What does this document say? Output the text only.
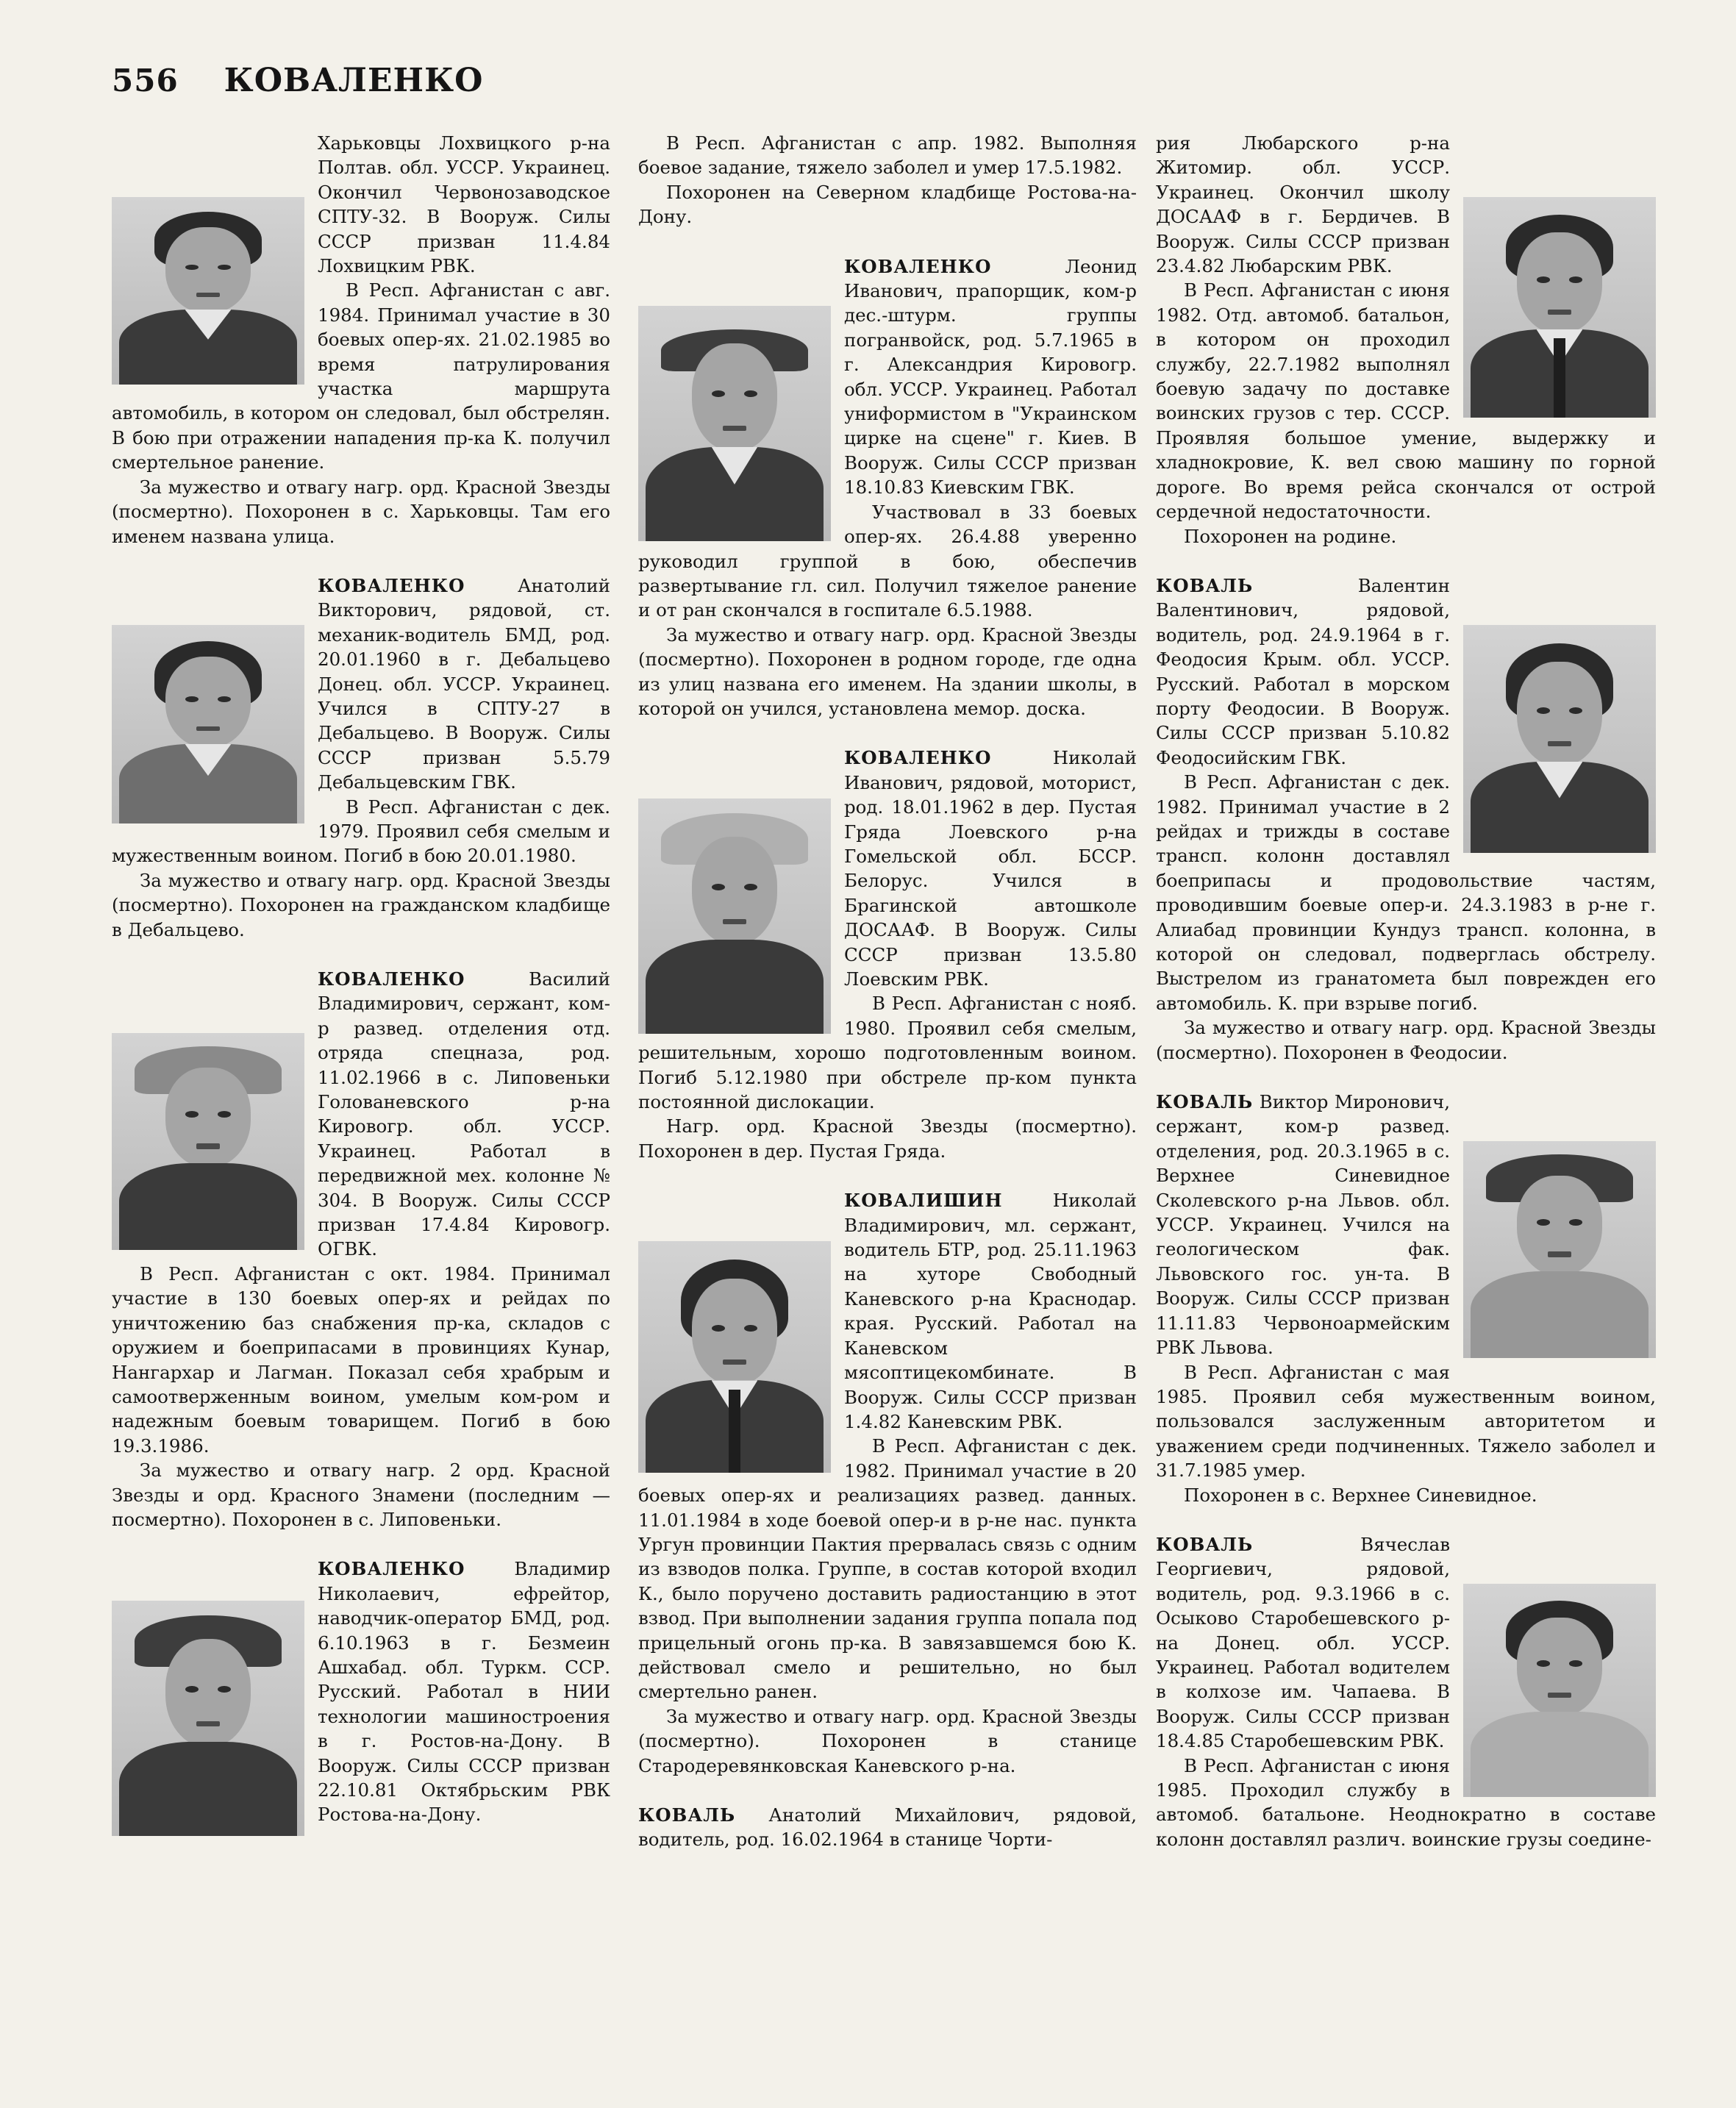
556 КОВАЛЕНКО

Харьковцы Лохвицкого р-на Полтав. обл. УССР. Украинец. Окончил Червонозаводское СПТУ-32. В Вооруж. Силы СССР призван 11.4.84 Лохвицким РВК.

В Респ. Афганистан с авг. 1984. Принимал участие в 30 боевых опер-ях. 21.02.1985 во время патрулирования участка маршрута автомобиль, в котором он следовал, был обстрелян. В бою при отражении нападения пр-ка К. получил смертельное ранение.

За мужество и отвагу нагр. орд. Красной Звезды (посмертно). Похоронен в с. Харьковцы. Там его именем названа улица.

КОВАЛЕНКО Анатолий Викторович, рядовой, ст. механик-водитель БМД, род. 20.01.1960 в г. Дебальцево Донец. обл. УССР. Украинец. Учился в СПТУ-27 в Дебальцево. В Вооруж. Силы СССР призван 5.5.79 Дебальцевским ГВК.

В Респ. Афганистан с дек. 1979. Проявил себя смелым и мужественным воином. Погиб в бою 20.01.1980.

За мужество и отвагу нагр. орд. Красной Звезды (посмертно). Похоронен на гражданском кладбище в Дебальцево.

КОВАЛЕНКО Василий Владимирович, сержант, ком-р развед. отделения отд. отряда спецназа, род. 11.02.1966 в с. Липовеньки Голованевского р-на Кировогр. обл. УССР. Украинец. Работал в передвижной мех. колонне № 304. В Вооруж. Силы СССР призван 17.4.84 Кировогр. ОГВК.

В Респ. Афганистан с окт. 1984. Принимал участие в 130 боевых опер-ях и рейдах по уничтожению баз снабжения пр-ка, складов с оружием и боеприпасами в провинциях Кунар, Нангархар и Лагман. Показал себя храбрым и самоотверженным воином, умелым ком-ром и надежным боевым товарищем. Погиб в бою 19.3.1986.

За мужество и отвагу нагр. 2 орд. Красной Звезды и орд. Красного Знамени (последним — посмертно). Похоронен в с. Липовеньки.

КОВАЛЕНКО Владимир Николаевич, ефрейтор, наводчик-оператор БМД, род. 6.10.1963 в г. Безмеин Ашхабад. обл. Туркм. ССР. Русский. Работал в НИИ технологии машиностроения в г. Ростов-на-Дону. В Вооруж. Силы СССР призван 22.10.81 Октябрьским РВК Ростова-на-Дону.

В Респ. Афганистан с апр. 1982. Выполняя боевое задание, тяжело заболел и умер 17.5.1982.

Похоронен на Северном кладбище Ростова-на-Дону.

КОВАЛЕНКО Леонид Иванович, прапорщик, ком-р дес.-штурм. группы погранвойск, род. 5.7.1965 в г. Александрия Кировогр. обл. УССР. Украинец. Работал униформистом в "Украинском цирке на сцене" г. Киев. В Вооруж. Силы СССР призван 18.10.83 Киевским ГВК.

Участвовал в 33 боевых опер-ях. 26.4.88 уверенно руководил группой в бою, обеспечив развертывание гл. сил. Получил тяжелое ранение и от ран скончался в госпитале 6.5.1988.

За мужество и отвагу нагр. орд. Красной Звезды (посмертно). Похоронен в родном городе, где одна из улиц названа его именем. На здании школы, в которой он учился, установлена мемор. доска.

КОВАЛЕНКО Николай Иванович, рядовой, моторист, род. 18.01.1962 в дер. Пустая Гряда Лоевского р-на Гомельской обл. БССР. Белорус. Учился в Брагинской автошколе ДОСААФ. В Вооруж. Силы СССР призван 13.5.80 Лоевским РВК.

В Респ. Афганистан с нояб. 1980. Проявил себя смелым, решительным, хорошо подготовленным воином. Погиб 5.12.1980 при обстреле пр-ком пункта постоянной дислокации.

Нагр. орд. Красной Звезды (посмертно). Похоронен в дер. Пустая Гряда.

КОВАЛИШИН Николай Владимирович, мл. сержант, водитель БТР, род. 25.11.1963 на хуторе Свободный Каневского р-на Краснодар. края. Русский. Работал на Каневском мясоптицекомбинате. В Вооруж. Силы СССР призван 1.4.82 Каневским РВК.

В Респ. Афганистан с дек. 1982. Принимал участие в 20 боевых опер-ях и реализациях развед. данных. 11.01.1984 в ходе боевой опер-и в р-не нас. пункта Ургун провинции Пактия прервалась связь с одним из взводов полка. Группе, в состав которой входил К., было поручено доставить радиостанцию в этот взвод. При выполнении задания группа попала под прицельный огонь пр-ка. В завязавшемся бою К. действовал смело и решительно, но был смертельно ранен.

За мужество и отвагу нагр. орд. Красной Звезды (посмертно). Похоронен в станице Стародеревянковская Каневского р-на.

КОВАЛЬ Анатолий Михайлович, рядовой, водитель, род. 16.02.1964 в станице Чорти-

рия Любарского р-на Житомир. обл. УССР. Украинец. Окончил школу ДОСААФ в г. Бердичев. В Вооруж. Силы СССР призван 23.4.82 Любарским РВК.

В Респ. Афганистан с июня 1982. Отд. автомоб. батальон, в котором он проходил службу, 22.7.1982 выполнял боевую задачу по доставке воинских грузов с тер. СССР. Проявляя большое умение, выдержку и хладнокровие, К. вел свою машину по горной дороге. Во время рейса скончался от острой сердечной недостаточности.

Похоронен на родине.

КОВАЛЬ Валентин Валентинович, рядовой, водитель, род. 24.9.1964 в г. Феодосия Крым. обл. УССР. Русский. Работал в морском порту Феодосии. В Вооруж. Силы СССР призван 5.10.82 Феодосийским ГВК.

В Респ. Афганистан с дек. 1982. Принимал участие в 2 рейдах и трижды в составе трансп. колонн доставлял боеприпасы и продовольствие частям, проводившим боевые опер-и. 24.3.1983 в р-не г. Алиабад провинции Кундуз трансп. колонна, в которой он следовал, подверглась обстрелу. Выстрелом из гранатомета был поврежден его автомобиль. К. при взрыве погиб.

За мужество и отвагу нагр. орд. Красной Звезды (посмертно). Похоронен в Феодосии.

КОВАЛЬ Виктор Миронович, сержант, ком-р развед. отделения, род. 20.3.1965 в с. Верхнее Синевидное Сколевского р-на Львов. обл. УССР. Украинец. Учился на геологическом фак. Львовского гос. ун-та. В Вооруж. Силы СССР призван 11.11.83 Червоноармейским РВК Львова.

В Респ. Афганистан с мая 1985. Проявил себя мужественным воином, пользовался заслуженным авторитетом и уважением среди подчиненных. Тяжело заболел и 31.7.1985 умер.

Похоронен в с. Верхнее Синевидное.

КОВАЛЬ Вячеслав Георгиевич, рядовой, водитель, род. 9.3.1966 в с. Осыково Старобешевского р-на Донец. обл. УССР. Украинец. Работал водителем в колхозе им. Чапаева. В Вооруж. Силы СССР призван 18.4.85 Старобешевским РВК.

В Респ. Афганистан с июня 1985. Проходил службу в автомоб. батальоне. Неоднократно в составе колонн доставлял различ. воинские грузы соедине-
